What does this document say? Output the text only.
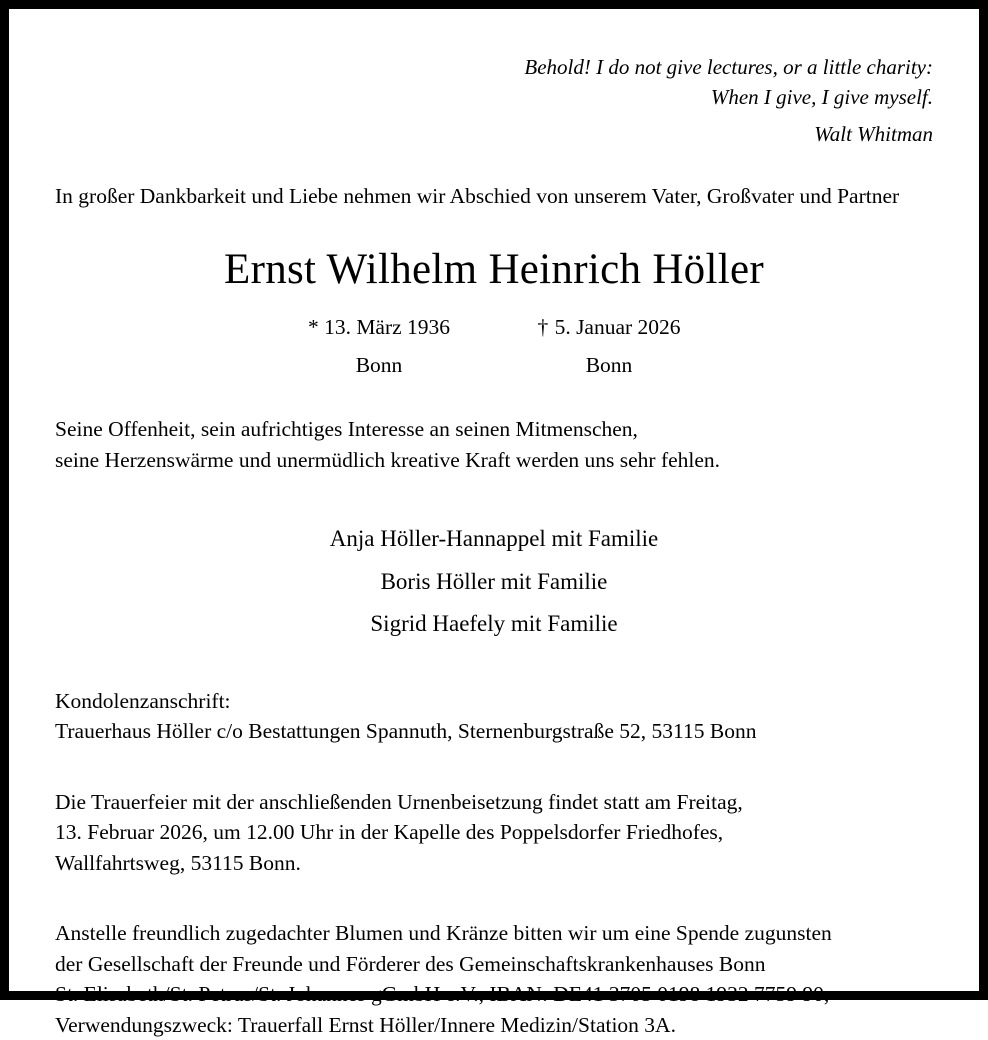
Behold! I do not give lectures, or a little charity:
When I give, I give myself.
Walt Whitman
In großer Dankbarkeit und Liebe nehmen wir Abschied von unserem Vater, Großvater und Partner
Ernst Wilhelm Heinrich Höller
* 13. März 1936
Bonn
† 5. Januar 2026
Bonn
Seine Offenheit, sein aufrichtiges Interesse an seinen Mitmenschen,
seine Herzenswärme und unermüdlich kreative Kraft werden uns sehr fehlen.
Anja Höller-Hannappel mit Familie
Boris Höller mit Familie
Sigrid Haefely mit Familie
Kondolenzanschrift:
Trauerhaus Höller c/o Bestattungen Spannuth, Sternenburgstraße 52, 53115 Bonn
Die Trauerfeier mit der anschließenden Urnenbeisetzung findet statt am Freitag,
13. Februar 2026, um 12.00 Uhr in der Kapelle des Poppelsdorfer Friedhofes,
Wallfahrtsweg, 53115 Bonn.
Anstelle freundlich zugedachter Blumen und Kränze bitten wir um eine Spende zugunsten
der Gesellschaft der Freunde und Förderer des Gemeinschaftskrankenhauses Bonn
St. Elisabeth/St. Petrus/St. Johannes gGmbH e.V., IBAN: DE41 3705 0198 1932 7759 90,
Verwendungszweck: Trauerfall Ernst Höller/Innere Medizin/Station 3A.
